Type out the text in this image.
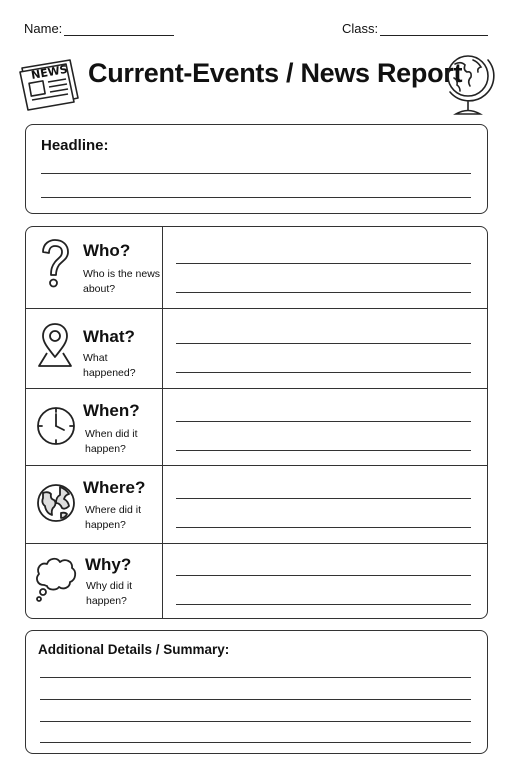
Name:	Class:
NEWS Current-Events / News Report
Headline:
Who?
Who is the news about?
What?
What happened?
When?
When did it happen?
Where?
Where did it happen?
Why?
Why did it happen?
Additional Details / Summary:
